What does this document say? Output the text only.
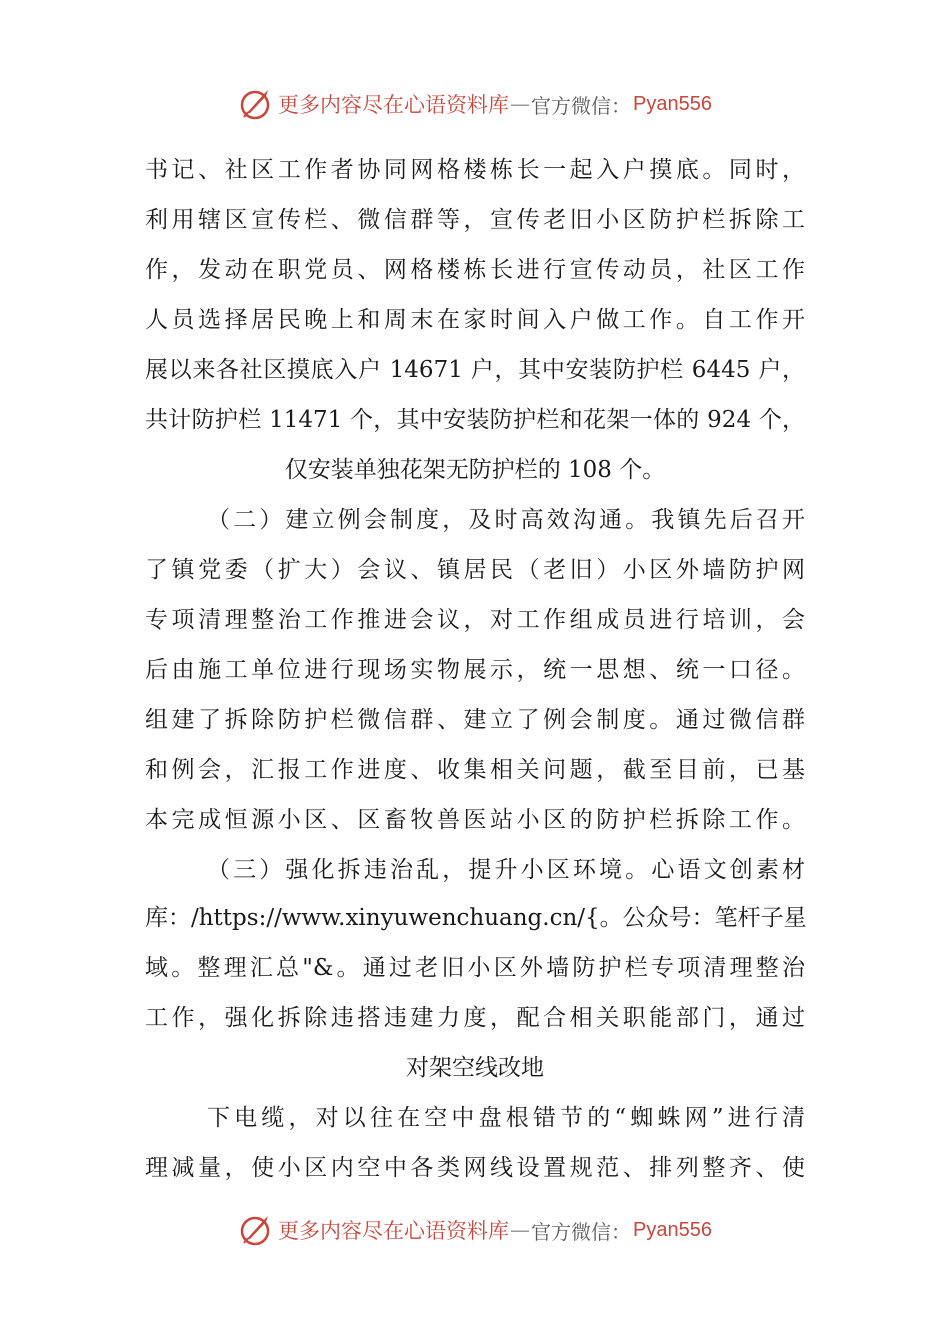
更多内容尽在心语资料库 — 官方微信： Pyan556
书记、社区工作者协同网格楼栋长一起入户摸底。同时，
利用辖区宣传栏、微信群等，宣传老旧小区防护栏拆除工
作，发动在职党员、网格楼栋长进行宣传动员，社区工作
人员选择居民晚上和周末在家时间入户做工作。自工作开
展以来各社区摸底入户 14671 户，其中安装防护栏 6445 户，
共计防护栏 11471 个，其中安装防护栏和花架一体的 924 个，
仅安装单独花架无防护栏的 108 个。
（二）建立例会制度，及时高效沟通。我镇先后召开
了镇党委（扩大）会议、镇居民（老旧）小区外墙防护网
专项清理整治工作推进会议，对工作组成员进行培训，会
后由施工单位进行现场实物展示，统一思想、统一口径。
组建了拆除防护栏微信群、建立了例会制度。通过微信群
和例会，汇报工作进度、收集相关问题，截至目前，已基
本完成恒源小区、区畜牧兽医站小区的防护栏拆除工作。
（三）强化拆违治乱，提升小区环境。心语文创素材
库：/https://www.xinyuwenchuang.cn/{。公众号：笔杆子星
域。整理汇总"&。通过老旧小区外墙防护栏专项清理整治
工作，强化拆除违搭违建力度，配合相关职能部门，通过
对架空线改地
下电缆，对以往在空中盘根错节的“蜘蛛网”进行清
理减量，使小区内空中各类网线设置规范、排列整齐、使
更多内容尽在心语资料库 — 官方微信： Pyan556
